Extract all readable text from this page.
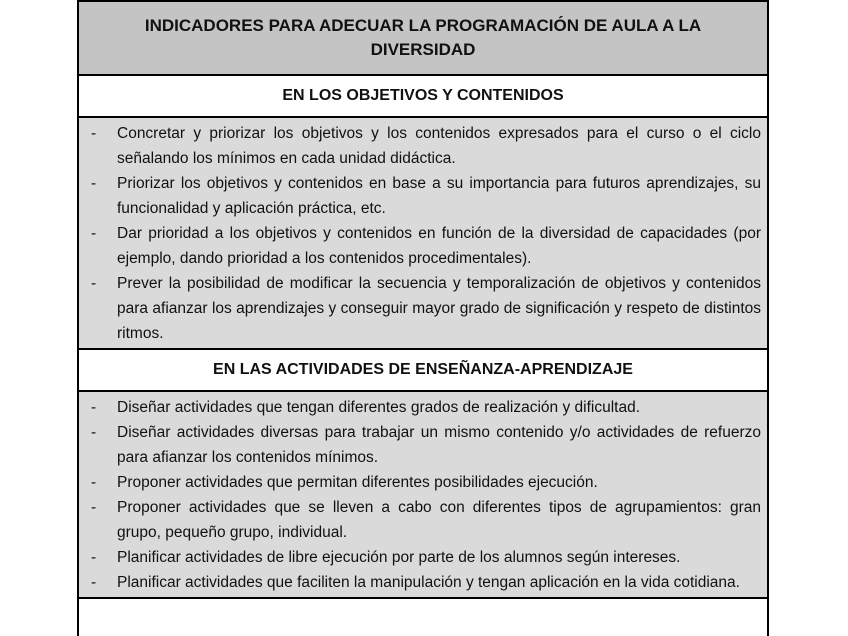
INDICADORES PARA ADECUAR LA PROGRAMACIÓN DE AULA A LA DIVERSIDAD
EN LOS OBJETIVOS Y CONTENIDOS
- Concretar y priorizar los objetivos y los contenidos expresados para el curso o el ciclo señalando los mínimos en cada unidad didáctica.
- Priorizar los objetivos y contenidos en base a su importancia para futuros aprendizajes, su funcionalidad y aplicación práctica, etc.
- Dar prioridad a los objetivos y contenidos en función de la diversidad de capacidades (por ejemplo, dando prioridad a los contenidos procedimentales).
- Prever la posibilidad de modificar la secuencia y temporalización de objetivos y contenidos para afianzar los aprendizajes y conseguir mayor grado de significación y respeto de distintos ritmos.
EN LAS ACTIVIDADES DE ENSEÑANZA-APRENDIZAJE
- Diseñar actividades que tengan diferentes grados de realización y dificultad.
- Diseñar actividades diversas para trabajar un mismo contenido y/o actividades de refuerzo para afianzar los contenidos mínimos.
- Proponer actividades que permitan diferentes posibilidades ejecución.
- Proponer actividades que se lleven a cabo con diferentes tipos de agrupamientos: gran grupo, pequeño grupo, individual.
- Planificar actividades de libre ejecución por parte de los alumnos según intereses.
- Planificar actividades que faciliten la manipulación y tengan aplicación en la vida cotidiana.
